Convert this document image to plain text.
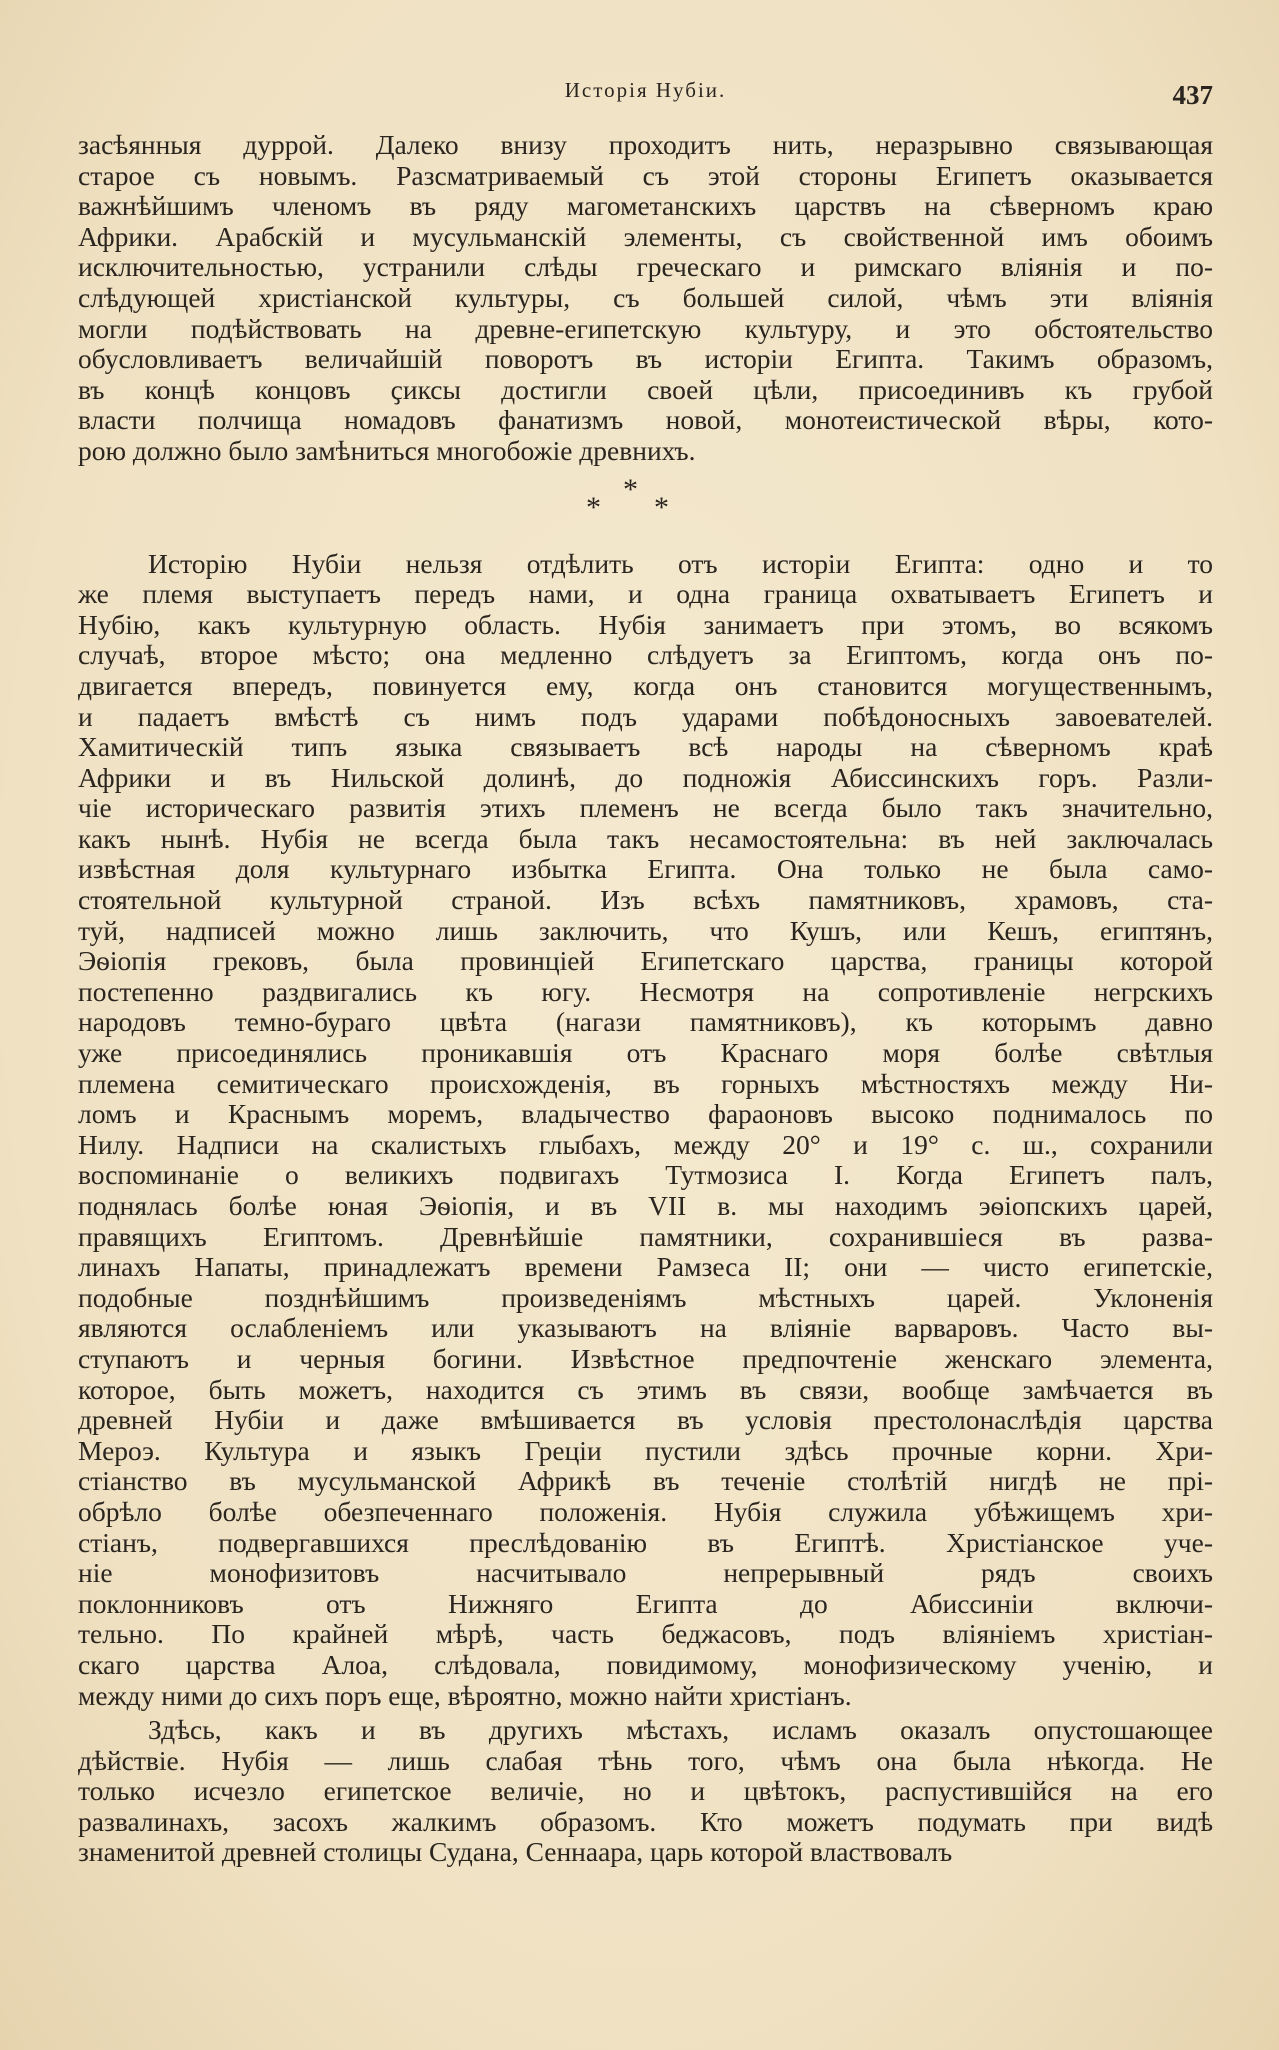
Исторія Нубіи.	437
засѣянныя дуррой. Далеко внизу проходитъ нить, неразрывно связывающая
старое съ новымъ. Разсматриваемый съ этой стороны Египетъ оказывается
важнѣйшимъ членомъ въ ряду магометанскихъ царствъ на сѣверномъ краю
Африки. Арабскій и мусульманскій элементы, съ свойственной имъ обоимъ
исключительностью, устранили слѣды греческаго и римскаго вліянія и по-
слѣдующей христіанской культуры, съ большей силой, чѣмъ эти вліянія
могли подѣйствовать на древне-египетскую культуру, и это обстоятельство
обусловливаетъ величайшій поворотъ въ исторіи Египта. Такимъ образомъ,
въ концѣ концовъ ҫиксы достигли своей цѣли, присоединивъ къ грубой
власти полчища номадовъ фанатизмъ новой, монотеистической вѣры, кото-
рою должно было замѣниться многобожіе древнихъ.
*
* *
Исторію Нубіи нельзя отдѣлить отъ исторіи Египта: одно и то
же племя выступаетъ передъ нами, и одна граница охватываетъ Египетъ и
Нубію, какъ культурную область. Нубія занимаетъ при этомъ, во всякомъ
случаѣ, второе мѣсто; она медленно слѣдуетъ за Египтомъ, когда онъ по-
двигается впередъ, повинуется ему, когда онъ становится могущественнымъ,
и падаетъ вмѣстѣ съ нимъ подъ ударами побѣдоносныхъ завоевателей.
Хамитическій типъ языка связываетъ всѣ народы на сѣверномъ краѣ
Африки и въ Нильской долинѣ, до подножія Абиссинскихъ горъ. Разли-
чіе историческаго развитія этихъ племенъ не всегда было такъ значительно,
какъ нынѣ. Нубія не всегда была такъ несамостоятельна: въ ней заключалась
извѣстная доля культурнаго избытка Египта. Она только не была само-
стоятельной культурной страной. Изъ всѣхъ памятниковъ, храмовъ, ста-
туй, надписей можно лишь заключить, что Кушъ, или Кешъ, египтянъ,
Эѳіопія грековъ, была провинціей Египетскаго царства, границы которой
постепенно раздвигались къ югу. Несмотря на сопротивленіе негрскихъ
народовъ темно-бураго цвѣта (нагази памятниковъ), къ которымъ давно
уже присоединялись проникавшія отъ Краснаго моря болѣе свѣтлыя
племена семитическаго происхожденія, въ горныхъ мѣстностяхъ между Ни-
ломъ и Краснымъ моремъ, владычество фараоновъ высоко поднималось по
Нилу. Надписи на скалистыхъ глыбахъ, между 20° и 19° с. ш., сохранили
воспоминаніе о великихъ подвигахъ Тутмозиса I. Когда Египетъ палъ,
поднялась болѣе юная Эѳіопія, и въ VII в. мы находимъ эѳіопскихъ царей,
правящихъ Египтомъ. Древнѣйшіе памятники, сохранившіеся въ развa-
линахъ Напаты, принадлежатъ времени Рамзеса II; они — чисто египетскіе,
подобные позднѣйшимъ произведеніямъ мѣстныхъ царей. Уклоненія
являются ослабленіемъ или указываютъ на вліяніе варваровъ. Часто вы-
ступаютъ и черныя богини. Извѣстное предпочтеніе женскаго элемента,
которое, быть можетъ, находится съ этимъ въ связи, вообще замѣчается въ
древней Нубіи и даже вмѣшивается въ условія престолонаслѣдія царства
Мероэ. Культура и языкъ Греціи пустили здѣсь прочные корни. Хри-
стіанство въ мусульманской Африкѣ въ теченіе столѣтій нигдѣ не прі-
обрѣло болѣе обезпеченнаго положенія. Нубія служила убѣжищемъ хри-
стіанъ, подвергавшихся преслѣдованію въ Египтѣ. Христіанское уче-
ніе монофизитовъ насчитывало непрерывный рядъ своихъ
поклонниковъ отъ Нижняго Египта до Абиссиніи включи-
тельно. По крайней мѣрѣ, часть беджасовъ, подъ вліяніемъ христіан-
скаго царства Алоа, слѣдовала, повидимому, монофизическому ученію, и
между ними до сихъ поръ еще, вѣроятно, можно найти христіанъ.
Здѣсь, какъ и въ другихъ мѣстахъ, исламъ оказалъ опустошающее
дѣйствіе. Нубія — лишь слабая тѣнь того, чѣмъ она была нѣкогда. Не
только исчезло египетское величіе, но и цвѣтокъ, распустившійся на его
развалинахъ, засохъ жалкимъ образомъ. Кто можетъ подумать при видѣ
знаменитой древней столицы Судана, Сеннаара, царь которой властвовалъ
